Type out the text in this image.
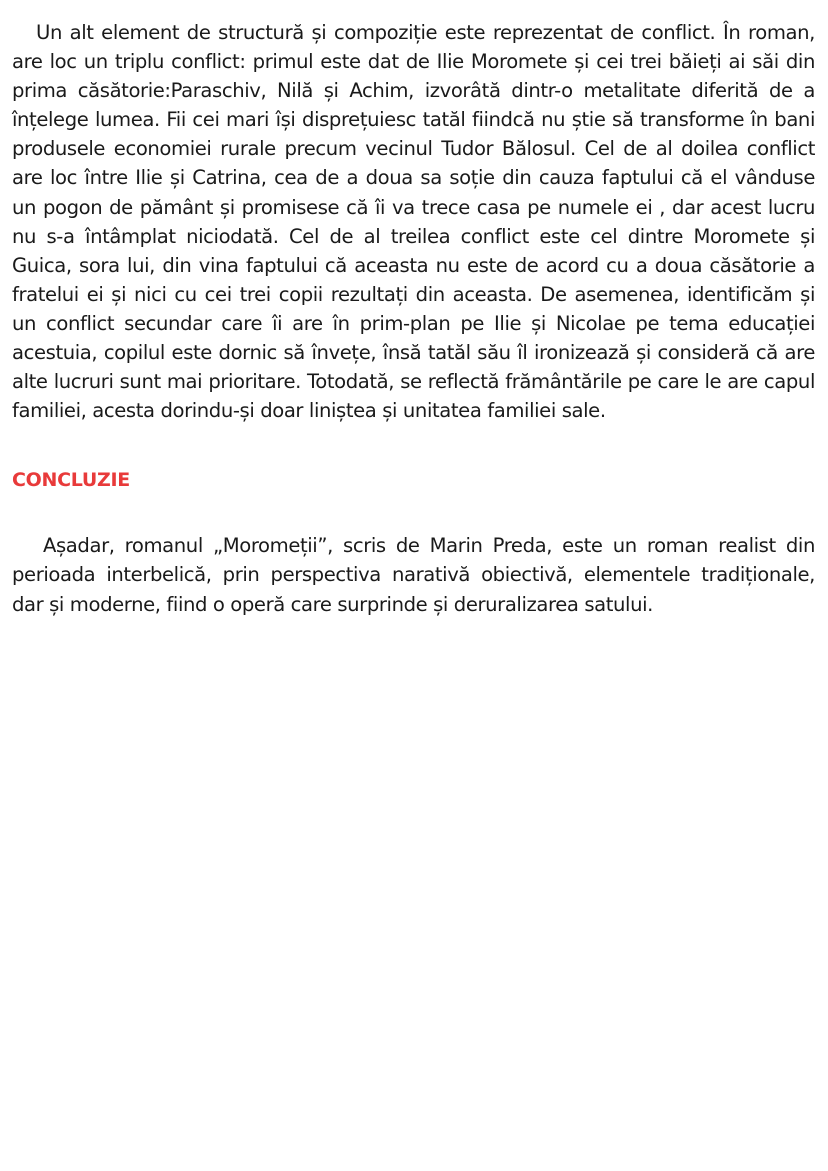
Un alt element de structură și compoziție este reprezentat de conflict. În roman, are loc un triplu conflict: primul este dat de Ilie Moromete și cei trei băieți ai săi din prima căsătorie:Paraschiv, Nilă și Achim, izvorâtă dintr-o metalitate diferită de a înțelege lumea. Fii cei mari își disprețuiesc tatăl fiindcă nu știe să transforme în bani produsele economiei rurale precum vecinul Tudor Bălosul. Cel de al doilea conflict are loc între Ilie și Catrina, cea de a doua sa soție din cauza faptului că el vânduse un pogon de pământ și promisese că îi va trece casa pe numele ei , dar acest lucru nu s-a întâmplat niciodată. Cel de al treilea conflict este cel dintre Moromete și Guica, sora lui, din vina faptului că aceasta nu este de acord cu a doua căsătorie a fratelui ei și nici cu cei trei copii rezultați din aceasta. De asemenea, identificăm și un conflict secundar care îi are în prim-plan pe Ilie și Nicolae pe tema educației acestuia, copilul este dornic să învețe, însă tatăl său îl ironizează și consideră că are alte lucruri sunt mai prioritare. Totodată, se reflectă frământările pe care le are capul familiei, acesta dorindu-și doar liniștea și unitatea familiei sale.

CONCLUZIE

Așadar, romanul „Moromeții”, scris de Marin Preda, este un roman realist din perioada interbelică, prin perspectiva narativă obiectivă, elementele tradiționale, dar și moderne, fiind o operă care surprinde și deruralizarea satului.
